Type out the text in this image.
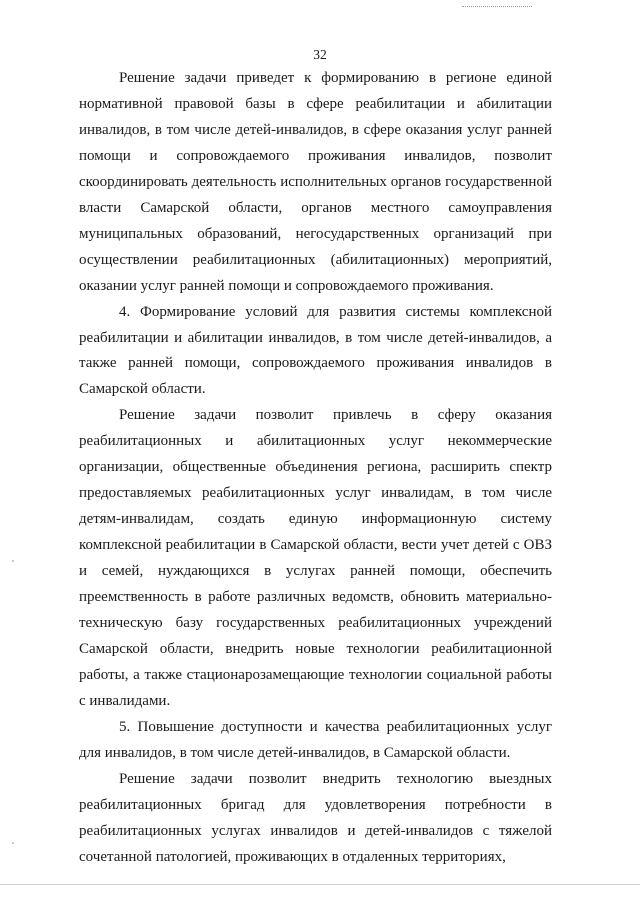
32

Решение задачи приведет к формированию в регионе единой нормативной правовой базы в сфере реабилитации и абилитации инвалидов, в том числе детей-инвалидов, в сфере оказания услуг ранней помощи и сопровождаемого проживания инвалидов, позволит скоординировать деятельность исполнительных органов государственной власти Самарской области, органов местного самоуправления муниципальных образований, негосударственных организаций при осуществлении реабилитационных (абилитационных) мероприятий, оказании услуг ранней помощи и сопровождаемого проживания.

4. Формирование условий для развития системы комплексной реабилитации и абилитации инвалидов, в том числе детей-инвалидов, а также ранней помощи, сопровождаемого проживания инвалидов в Самарской области.

Решение задачи позволит привлечь в сферу оказания реабилитационных и абилитационных услуг некоммерческие организации, общественные объединения региона, расширить спектр предоставляемых реабилитационных услуг инвалидам, в том числе детям-инвалидам, создать единую информационную систему комплексной реабилитации в Самарской области, вести учет детей с ОВЗ и семей, нуждающихся в услугах ранней помощи, обеспечить преемственность в работе различных ведомств, обновить материально-техническую базу государственных реабилитационных учреждений Самарской области, внедрить новые технологии реабилитационной работы, а также стационарозамещающие технологии социальной работы с инвалидами.

5. Повышение доступности и качества реабилитационных услуг для инвалидов, в том числе детей-инвалидов, в Самарской области.

Решение задачи позволит внедрить технологию выездных реабилитационных бригад для удовлетворения потребности в реабилитационных услугах инвалидов и детей-инвалидов с тяжелой сочетанной патологией, проживающих в отдаленных территориях,
